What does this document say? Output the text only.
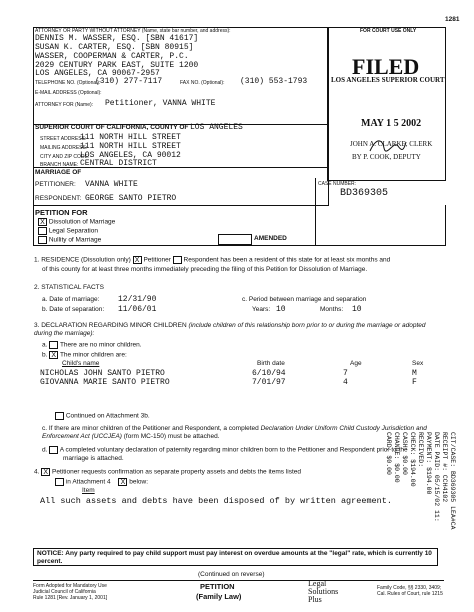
1281
ATTORNEY OR PARTY WITHOUT ATTORNEY (Name, state bar number, and address):
DENNIS M. WASSER, ESQ. [SBN 41617]
SUSAN K. CARTER, ESQ. [SBN 80915]
WASSER, COOPERMAN & CARTER, P.C.
2029 CENTURY PARK EAST, SUITE 1200
LOS ANGELES, CA 90067-2957
TELEPHONE NO. (Optional):
(310) 277-7117	FAX NO. (Optional): (310) 553-1793
E-MAIL ADDRESS (Optional):
ATTORNEY FOR (Name): Petitioner, VANNA WHITE
FOR COURT USE ONLY
FILED
LOS ANGELES SUPERIOR COURT
MAY 1 5 2002
JOHN A. CLARKE, CLERK
BY P. COOK, DEPUTY
SUPERIOR COURT OF CALIFORNIA, COUNTY OF LOS ANGELES
STREET ADDRESS:
111 NORTH HILL STREET
MAILING ADDRESS:
111 NORTH HILL STREET
CITY AND ZIP CODE:
LOS ANGELES, CA 90012
BRANCH NAME: CENTRAL DISTRICT
MARRIAGE OF
PETITIONER: VANNA WHITE
RESPONDENT: GEORGE SANTO PIETRO
PETITION FOR
X Dissolution of Marriage
Legal Separation
Nullity of Marriage	AMENDED
CASE NUMBER:
BD369305
1. RESIDENCE (Dissolution only) X Petitioner Respondent has been a resident of this state for at least six months and
of this county for at least three months immediately preceding the filing of this Petition for Dissolution of Marriage.
2. STATISTICAL FACTS
a. Date of marriage: 12/31/90
b. Date of separation: 11/06/01
c. Period between marriage and separation
Years: 10	Months: 10
3. DECLARATION REGARDING MINOR CHILDREN (include children of this relationship born prior to or during the marriage or adopted during the marriage):
a. There are no minor children.
b. X The minor children are:
Child's name	Birth date	Age	Sex
NICHOLAS JOHN SANTO PIETRO	6/10/94	7	M
GIOVANNA MARIE SANTO PIETRO	7/01/97	4	F
Continued on Attachment 3b.
c. If there are minor children of the Petitioner and Respondent, a completed Declaration Under Uniform Child Custody Jurisdiction and Enforcement Act (UCCJEA) (form MC-150) must be attached.
d. A completed voluntary declaration of paternity regarding minor children born to the Petitioner and Respondent prior to the
marriage is attached.
4. X Petitioner requests confirmation as separate property assets and debts the items listed
in Attachment 4 X below:
Item
All such assets and debts have been disposed of by written agreement.	CIT/CASE: BD369305 LEA#CA
RECEIPT #: CCH4102
DATE PAID: 05/15/02 11:
PAYMENT: $194.00
RECEIVED:
CHECK: $194.00
CASH: $0.00
CHANGE: $0.00
CARD: $0.00
NOTICE: Any party required to pay child support must pay interest on overdue amounts at the "legal" rate, which is currently 10 percent.
(Continued on reverse)
Form Adopted for Mandatory Use
Judicial Council of California
Rule 1281 [Rev. January 1, 2001]
PETITION
(Family Law)
Legal
Solutions
Plus
Family Code, §§ 2330, 3409;
Cal. Rules of Court, rule 1215
